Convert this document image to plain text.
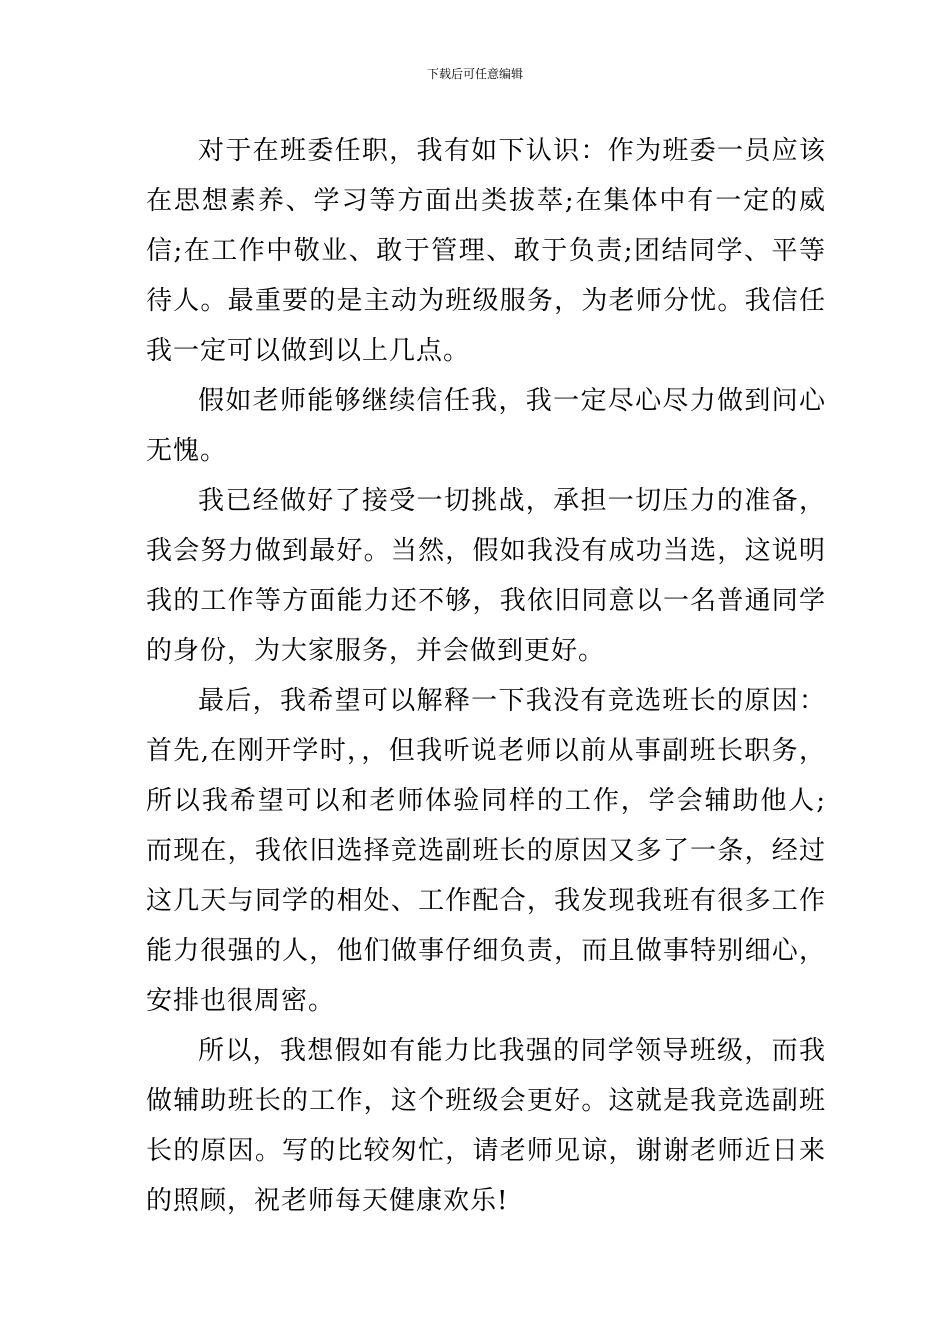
下载后可任意编辑

对于在班委任职，我有如下认识：作为班委一员应该在思想素养、学习等方面出类拔萃;在集体中有一定的威信;在工作中敬业、敢于管理、敢于负责;团结同学、平等待人。最重要的是主动为班级服务，为老师分忧。我信任我一定可以做到以上几点。

假如老师能够继续信任我，我一定尽心尽力做到问心无愧。

我已经做好了接受一切挑战，承担一切压力的准备，我会努力做到最好。当然，假如我没有成功当选，这说明我的工作等方面能力还不够，我依旧同意以一名普通同学的身份，为大家服务，并会做到更好。

最后，我希望可以解释一下我没有竞选班长的原因：首先,在刚开学时，，但我听说老师以前从事副班长职务，所以我希望可以和老师体验同样的工作，学会辅助他人;而现在，我依旧选择竞选副班长的原因又多了一条，经过这几天与同学的相处、工作配合，我发现我班有很多工作能力很强的人，他们做事仔细负责，而且做事特别细心，安排也很周密。

所以，我想假如有能力比我强的同学领导班级，而我做辅助班长的工作，这个班级会更好。这就是我竞选副班长的原因。写的比较匆忙，请老师见谅，谢谢老师近日来的照顾，祝老师每天健康欢乐!
